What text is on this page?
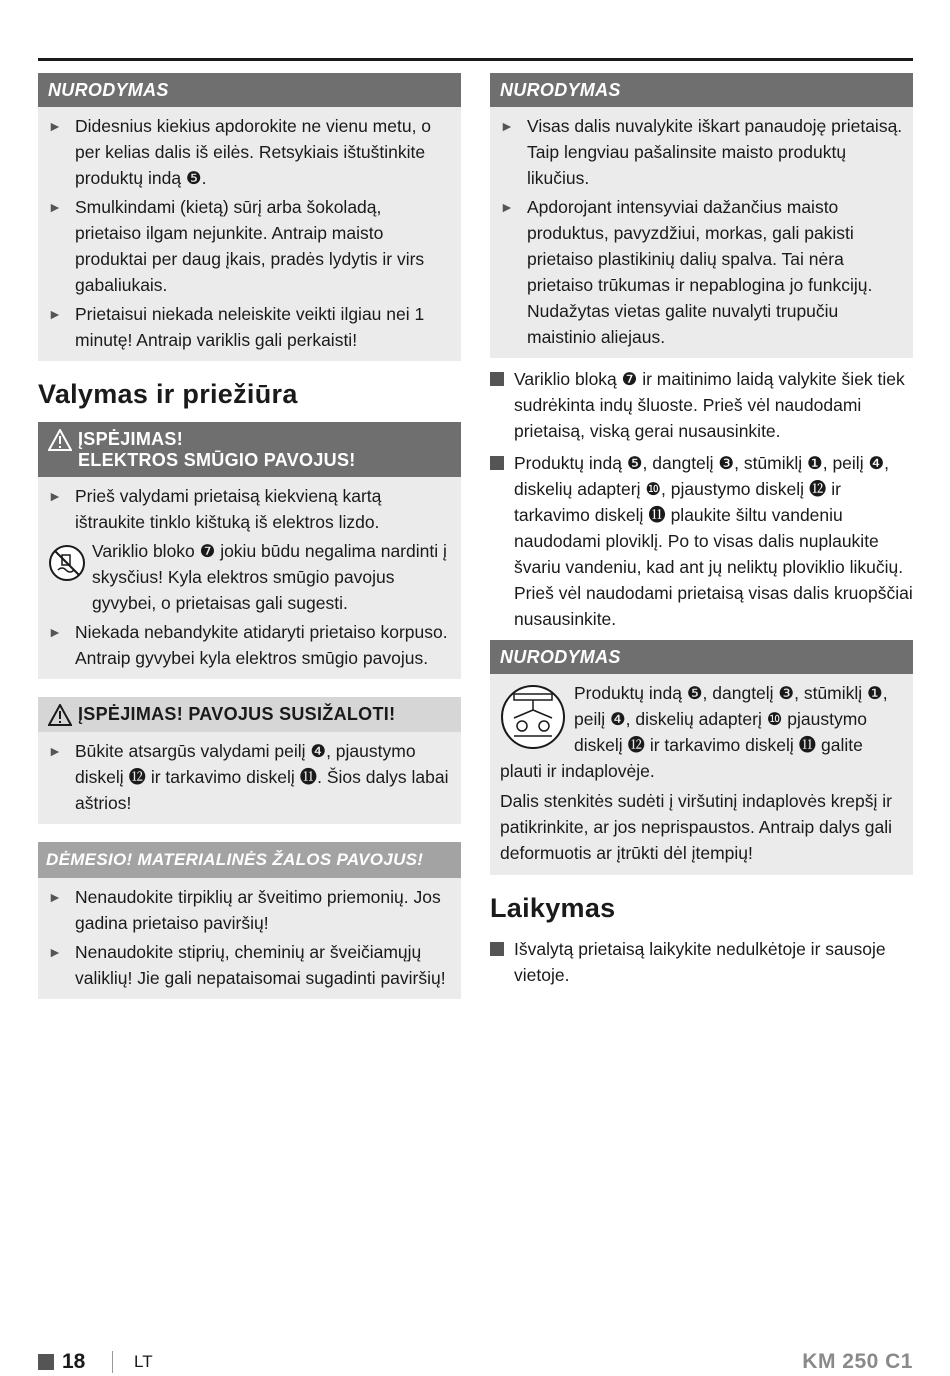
NURODYMAS
► Didesnius kiekius apdorokite ne vienu metu, o per kelias dalis iš eilės. Retsykiais ištuštinkite produktų indą ❺.
► Smulkindami (kietą) sūrį arba šokoladą, prietaiso ilgam nejunkite. Antraip maisto produktai per daug įkais, pradės lydytis ir virs gabaliukais.
► Prietaisui niekada neleiskite veikti ilgiau nei 1 minutę! Antraip variklis gali perkaisti!
Valymas ir priežiūra
ĮSPĖJIMAS!
ELEKTROS SMŪGIO PAVOJUS!
► Prieš valydami prietaisą kiekvieną kartą ištraukite tinklo kištuką iš elektros lizdo.
Variklio bloko ❼ jokiu būdu negalima nardinti į skysčius! Kyla elektros smūgio pavojus gyvybei, o prietaisas gali sugesti.
► Niekada nebandykite atidaryti prietaiso korpuso. Antraip gyvybei kyla elektros smūgio pavojus.
ĮSPĖJIMAS! PAVOJUS SUSIŽALOTI!
► Būkite atsargūs valydami peilį ❹, pjaustymo diskelį ⓬ ir tarkavimo diskelį ⓫. Šios dalys labai aštrios!
DĖMESIO! MATERIALINĖS ŽALOS PAVOJUS!
► Nenaudokite tirpiklių ar šveitimo priemonių. Jos gadina prietaiso paviršių!
► Nenaudokite stiprių, cheminių ar šveičiamųjų valiklių! Jie gali nepataisomai sugadinti paviršių!
NURODYMAS
► Visas dalis nuvalykite iškart panaudoję prietaisą. Taip lengviau pašalinsite maisto produktų likučius.
► Apdorojant intensyviai dažančius maisto produktus, pavyzdžiui, morkas, gali pakisti prietaiso plastikinių dalių spalva. Tai nėra prietaiso trūkumas ir nepablogina jo funkcijų. Nudažytas vietas galite nuvalyti trupučiu maistinio aliejaus.
Variklio bloką ❼ ir maitinimo laidą valykite šiek tiek sudrėkinta indų šluoste. Prieš vėl naudodami prietaisą, viską gerai nusausinkite.
Produktų indą ❺, dangtelį ❸, stūmiklį ❶, peilį ❹, diskelių adapterį ❿, pjaustymo diskelį ⓬ ir tarkavimo diskelį ⓫ plaukite šiltu vandeniu naudodami ploviklį. Po to visas dalis nuplaukite švariu vandeniu, kad ant jų neliktų ploviklio likučių.
Prieš vėl naudodami prietaisą visas dalis kruopščiai nusausinkite.
NURODYMAS
Produktų indą ❺, dangtelį ❸, stūmiklį ❶, peilį ❹, diskelių adapterį ❿ pjaustymo diskelį ⓬ ir tarkavimo diskelį ⓫ galite plauti ir indaplovėje.
Dalis stenkitės sudėti į viršutinį indaplovės krepšį ir patikrinkite, ar jos neprispaustos. Antraip dalys gali deformuotis ar įtrūkti dėl įtempių!
Laikymas
Išvalytą prietaisą laikykite nedulkėtoje ir sausoje vietoje.
18	LT	KM 250 C1
